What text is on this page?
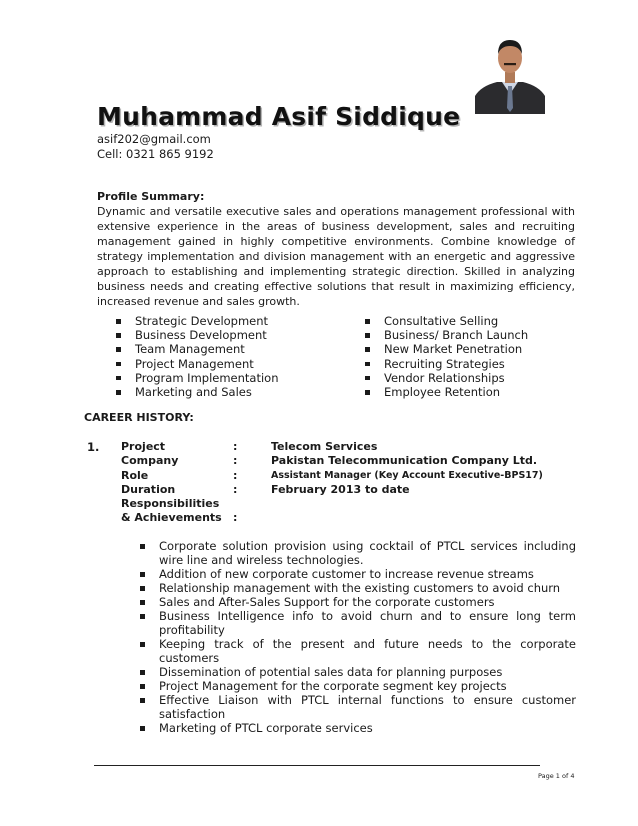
Muhammad Asif Siddique
asif202@gmail.com
Cell: 0321 865 9192
Profile Summary:
Dynamic and versatile executive sales and operations management professional with extensive experience in the areas of business development, sales and recruiting management gained in highly competitive environments. Combine knowledge of strategy implementation and division management with an energetic and aggressive approach to establishing and implementing strategic direction. Skilled in analyzing business needs and creating effective solutions that result in maximizing efficiency, increased revenue and sales growth.
Strategic Development
Business Development
Team Management
Project Management
Program Implementation
Marketing and Sales
Consultative Selling
Business/ Branch Launch
New Market Penetration
Recruiting Strategies
Vendor Relationships
Employee Retention
CAREER HISTORY:
1. Project	:	Telecom Services
Company	:	Pakistan Telecommunication Company Ltd.
Role	:	Assistant Manager (Key Account Executive-BPS17)
Duration	:	February 2013 to date
Responsibilities
& Achievements :
Corporate solution provision using cocktail of PTCL services including wire line and wireless technologies.
Addition of new corporate customer to increase revenue streams
Relationship management with the existing customers to avoid churn
Sales and After-Sales Support for the corporate customers
Business Intelligence info to avoid churn and to ensure long term profitability
Keeping track of the present and future needs to the corporate customers
Dissemination of potential sales data for planning purposes
Project Management for the corporate segment key projects
Effective Liaison with PTCL internal functions to ensure customer satisfaction
Marketing of PTCL corporate services
Page 1 of 4
